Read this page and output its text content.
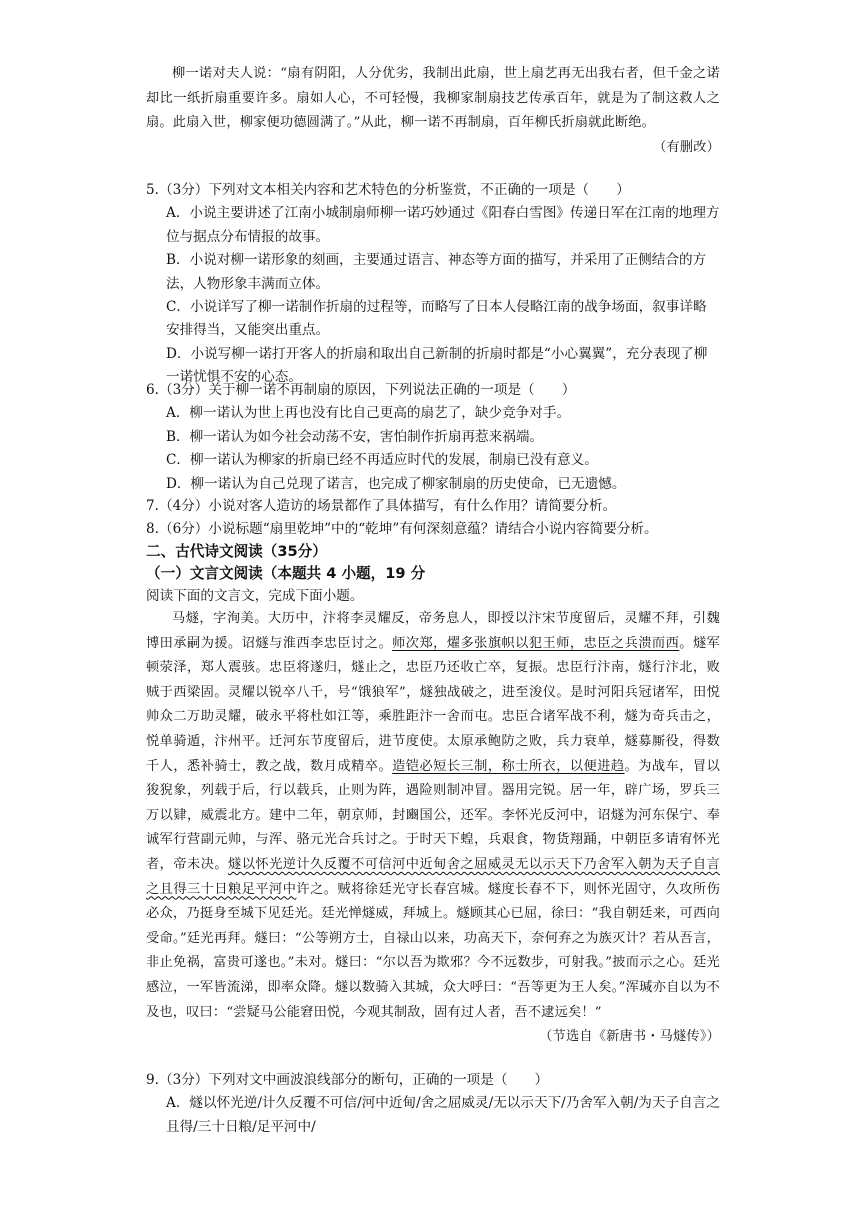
柳一诺对夫人说：“扇有阴阳，人分优劣，我制出此扇，世上扇艺再无出我右者，但千金之诺却比一纸折扇重要许多。扇如人心，不可轻慢，我柳家制扇技艺传承百年，就是为了制这救人之扇。此扇入世，柳家便功德圆满了。”从此，柳一诺不再制扇，百年柳氏折扇就此断绝。

（有删改）

5.（3分）下列对文本相关内容和艺术特色的分析鉴赏，不正确的一项是（　　）

A．小说主要讲述了江南小城制扇师柳一诺巧妙通过《阳春白雪图》传递日军在江南的地理方位与据点分布情报的故事。

B．小说对柳一诺形象的刻画，主要通过语言、神态等方面的描写，并采用了正侧结合的方法，人物形象丰满而立体。

C．小说详写了柳一诺制作折扇的过程等，而略写了日本人侵略江南的战争场面，叙事详略安排得当，又能突出重点。

D．小说写柳一诺打开客人的折扇和取出自己新制的折扇时都是“小心翼翼”，充分表现了柳一诺忧惧不安的心态。

6.（3分）关于柳一诺不再制扇的原因，下列说法正确的一项是（　　）

A．柳一诺认为世上再也没有比自己更高的扇艺了，缺少竞争对手。

B．柳一诺认为如今社会动荡不安，害怕制作折扇再惹来祸端。

C．柳一诺认为柳家的折扇已经不再适应时代的发展，制扇已没有意义。

D．柳一诺认为自己兑现了诺言，也完成了柳家制扇的历史使命，已无遗憾。

7.（4分）小说对客人造访的场景都作了具体描写，有什么作用？请简要分析。

8.（6分）小说标题“扇里乾坤”中的“乾坤”有何深刻意蕴？请结合小说内容简要分析。

二、古代诗文阅读（35分）

（一）文言文阅读（本题共 4 小题，19 分

阅读下面的文言文，完成下面小题。

马燧，字洵美。大历中，汴将李灵耀反，帝务息人，即授以汴宋节度留后，灵耀不拜，引魏博田承嗣为援。诏燧与淮西李忠臣讨之。师次郑，燿多张旗帜以犯王师，忠臣之兵溃而西。燧军顿荥泽，郑人震骇。忠臣将遂归，燧止之，忠臣乃还收亡卒，复振。忠臣行汴南，燧行汴北，败贼于西梁固。灵耀以锐卒八千，号“饿狼军”，燧独战破之，进至浚仪。是时河阳兵冠诸军，田悦帅众二万助灵耀，破永平将杜如江等，乘胜距汴一舍而屯。忠臣合诸军战不利，燧为奇兵击之，悦单骑遁，汴州平。迁河东节度留后，进节度使。太原承鲍防之败，兵力衰单，燧募厮役，得数千人，悉补骑士，教之战，数月成精卒。造铠必短长三制，称士所衣，以便进趋。为战车，冒以狻猊象，列载于后，行以载兵，止则为阵，遇险则制冲冒。器用完锐。居一年，辟广场，罗兵三万以肄，威震北方。建中二年，朝京师，封豳国公，还军。李怀光反河中，诏燧为河东保宁、奉诚军行营副元帅，与浑、骆元光合兵讨之。于时天下蝗，兵艰食，物货翔踊，中朝臣多请宥怀光者，帝未决。燧以怀光逆计久反覆不可信河中近甸舍之屈威灵无以示天下乃舍军入朝为天子自言之且得三十日粮足平河中许之。贼将徐廷光守长春宫城。燧度长春不下，则怀光固守，久攻所伤必众，乃挺身至城下见廷光。廷光惮燧威，拜城上。燧顾其心已屈，徐曰：“我自朝廷来，可西向受命。”廷光再拜。燧曰：“公等朔方士，自禄山以来，功高天下，奈何弃之为族灭计？若从吾言，非止免祸，富贵可遂也。”未对。燧曰：“尔以吾为欺邪？今不远数步，可射我。”披而示之心。廷光感泣，一军皆流涕，即率众降。燧以数骑入其城，众大呼曰：“吾等更为王人矣。”浑瑊亦自以为不及也，叹曰：“尝疑马公能窘田悦，今观其制敌，固有过人者，吾不逮远矣！”

（节选自《新唐书・马燧传》）

9.（3分）下列对文中画波浪线部分的断句，正确的一项是（　　）

A．燧以怀光逆/计久反覆不可信/河中近甸/舍之屈威灵/无以示天下/乃舍军入朝/为天子自言之且得/三十日粮/足平河中/
